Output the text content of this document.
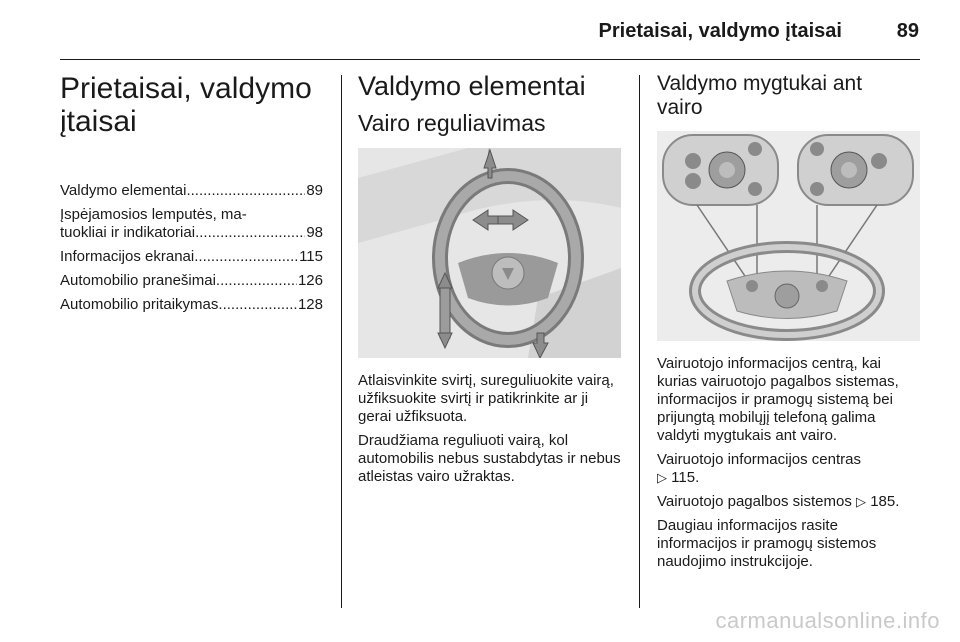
Prietaisai, valdymo įtaisai	89
Prietaisai, valdymo
įtaisai
Valdymo elementai .....	89
Įspėjamosios lemputės, ma-
tuokliai ir indikatoriai .....	98
Informacijos ekranai .....	115
Automobilio pranešimai .....	126
Automobilio pritaikymas .....	128
Valdymo elementai
Vairo reguliavimas

Atlaisvinkite svirtį, sureguliuokite vairą, užfiksuokite svirtį ir patikrinkite ar ji gerai užfiksuota.

Draudžiama reguliuoti vairą, kol automobilis nebus sustabdytas ir nebus atleistas vairo užraktas.

Valdymo mygtukai ant
vairo

Vairuotojo informacijos centrą, kai kurias vairuotojo pagalbos sistemas, informacijos ir pramogų sistemą bei prijungtą mobilųjį telefoną galima valdyti mygtukais ant vairo.

Vairuotojo informacijos centras
▷ 115.

Vairuotojo pagalbos sistemos ▷ 185.

Daugiau informacijos rasite informacijos ir pramogų sistemos naudojimo instrukcijoje.

carmanualsonline.info
